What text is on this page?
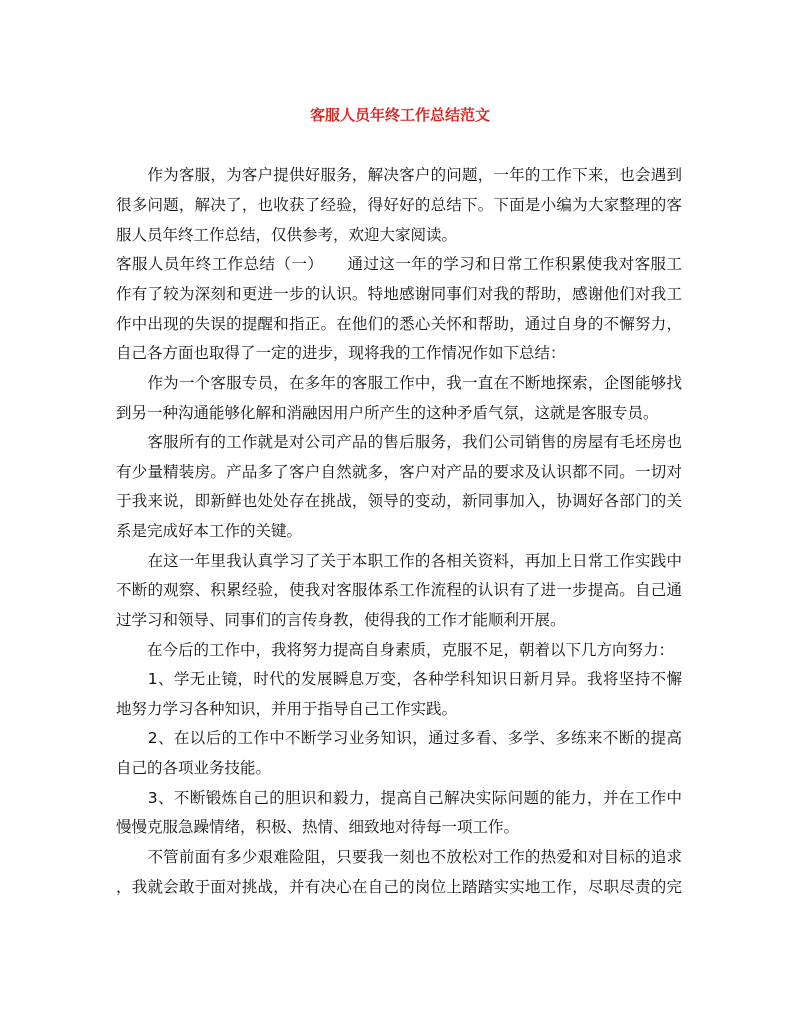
客服人员年终工作总结范文
　　作为客服，为客户提供好服务，解决客户的问题，一年的工作下来，也会遇到
很多问题，解决了，也收获了经验，得好好的总结下。下面是小编为大家整理的客
服人员年终工作总结，仅供参考，欢迎大家阅读。
客服人员年终工作总结（一）　　通过这一年的学习和日常工作积累使我对客服工
作有了较为深刻和更进一步的认识。特地感谢同事们对我的帮助，感谢他们对我工
作中出现的失误的提醒和指正。在他们的悉心关怀和帮助，通过自身的不懈努力，
自己各方面也取得了一定的进步，现将我的工作情况作如下总结：
　　作为一个客服专员，在多年的客服工作中，我一直在不断地探索，企图能够找
到另一种沟通能够化解和消融因用户所产生的这种矛盾气氛，这就是客服专员。
　　客服所有的工作就是对公司产品的售后服务，我们公司销售的房屋有毛坯房也
有少量精装房。产品多了客户自然就多，客户对产品的要求及认识都不同。一切对
于我来说，即新鲜也处处存在挑战，领导的变动，新同事加入，协调好各部门的关
系是完成好本工作的关键。
　　在这一年里我认真学习了关于本职工作的各相关资料，再加上日常工作实践中
不断的观察、积累经验，使我对客服体系工作流程的认识有了进一步提高。自己通
过学习和领导、同事们的言传身教，使得我的工作才能顺利开展。
　　在今后的工作中，我将努力提高自身素质，克服不足，朝着以下几方向努力：
　　1、学无止镜，时代的发展瞬息万变，各种学科知识日新月异。我将坚持不懈
地努力学习各种知识，并用于指导自己工作实践。
　　2、在以后的工作中不断学习业务知识，通过多看、多学、多练来不断的提高
自己的各项业务技能。
　　3、不断锻炼自己的胆识和毅力，提高自己解决实际问题的能力，并在工作中
慢慢克服急躁情绪，积极、热情、细致地对待每一项工作。
　　不管前面有多少艰难险阻，只要我一刻也不放松对工作的热爱和对目标的追求
，我就会敢于面对挑战，并有决心在自己的岗位上踏踏实实地工作，尽职尽责的完
